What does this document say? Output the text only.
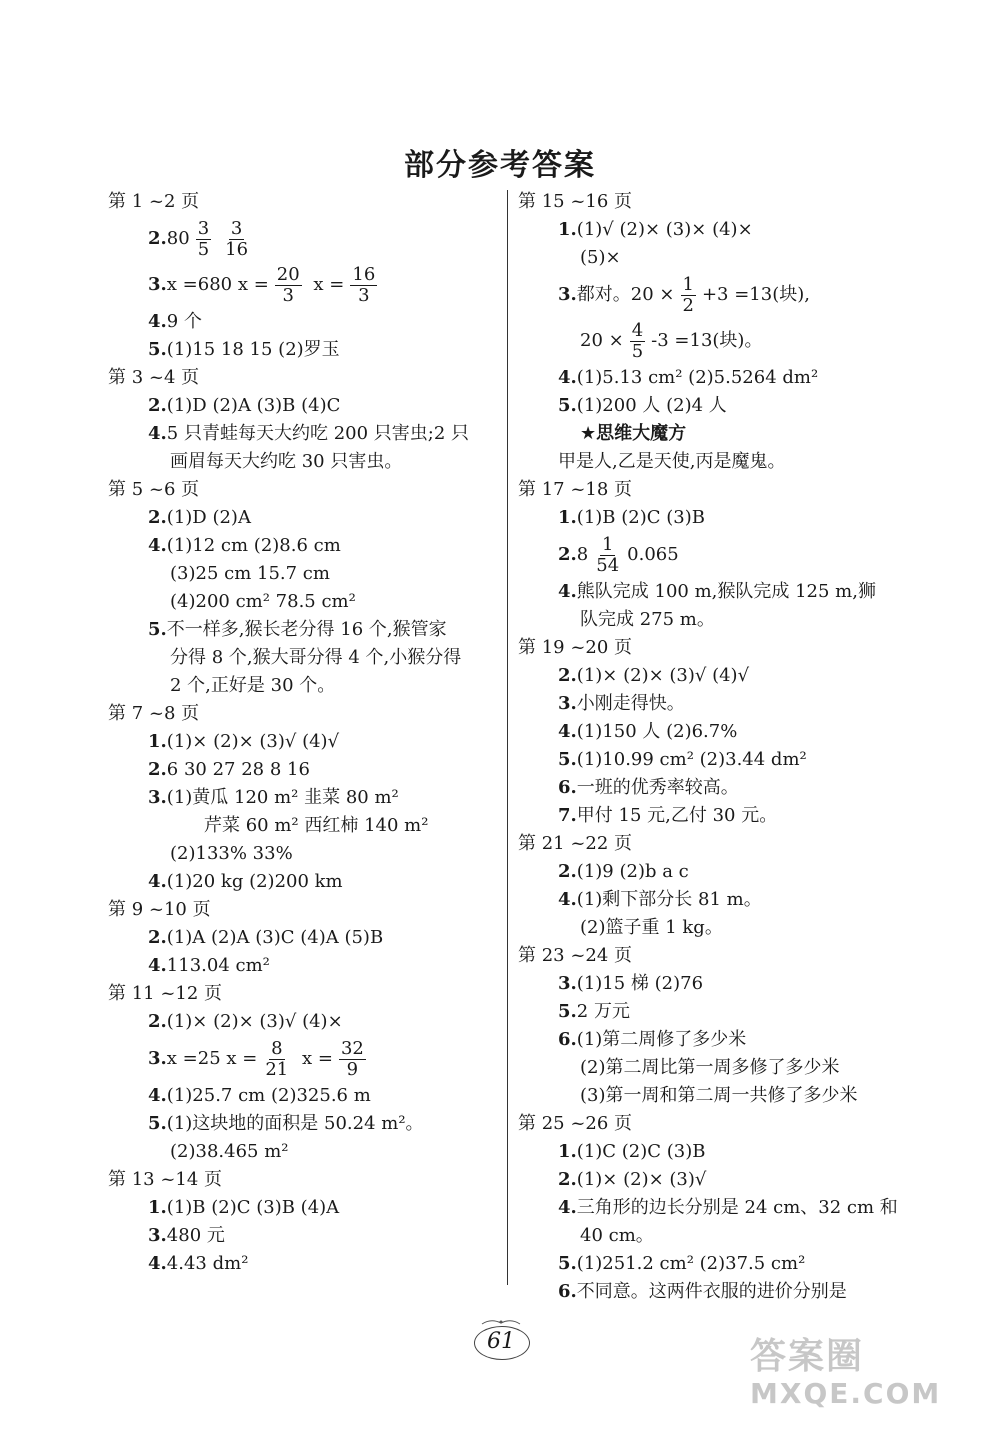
部分参考答案
第 1 ~2 页
$2.80 \frac{3}{5} \frac{3}{16}$
3.x =680 $x = \frac{20}{3}$ $x = \frac{16}{3}$
4.9 个
5.(1)15 18 15 (2)罗玉
第 3 ~4 页
2.(1)D (2)A (3)B (4)C
4.5 只青蛙每天大约吃 200 只害虫;2 只
画眉每天大约吃 30 只害虫。
第 5 ~6 页
2.(1)D (2)A
4.(1)12 cm (2)8.6 cm
(3)25 cm 15.7 cm
(4)200 cm² 78.5 cm²
5.不一样多,猴长老分得 16 个,猴管家
分得 8 个,猴大哥分得 4 个,小猴分得
2 个,正好是 30 个。
第 7 ~8 页
1.(1)× (2)× (3)√ (4)√
2.6 30 27 28 8 16
3.(1)黄瓜 120 m² 韭菜 80 m²
芹菜 60 m² 西红柿 140 m²
(2)133% 33%
4.(1)20 kg (2)200 km
第 9 ~10 页
2.(1)A (2)A (3)C (4)A (5)B
4.113.04 cm²
第 11 ~12 页
2.(1)× (2)× (3)√ (4)×
3.x =25 $x = \frac{8}{21}$ $x = \frac{32}{9}$
4.(1)25.7 cm (2)325.6 m
5.(1)这块地的面积是 50.24 m²。
(2)38.465 m²
第 13 ~14 页
1.(1)B (2)C (3)B (4)A
3.480 元
4.4.43 dm²
第 15 ~16 页
1.(1)√ (2)× (3)× (4)×
(5)×
3.都对。$20 \times \frac{1}{2} +3 =13$(块),
$20 \times \frac{4}{5} -3 =13$(块)。
4.(1)5.13 cm² (2)5.5264 dm²
5.(1)200 人 (2)4 人
★思维大魔方
甲是人,乙是天使,丙是魔鬼。
第 17 ~18 页
1.(1)B (2)C (3)B
$2.8 \frac{1}{54} 0.065$
4.熊队完成 100 m,猴队完成 125 m,狮
队完成 275 m。
第 19 ~20 页
2.(1)× (2)× (3)√ (4)√
3.小刚走得快。
4.(1)150 人 (2)6.7%
5.(1)10.99 cm² (2)3.44 dm²
6.一班的优秀率较高。
7.甲付 15 元,乙付 30 元。
第 21 ~22 页
2.(1)9 (2)b a c
4.(1)剩下部分长 81 m。
(2)篮子重 1 kg。
第 23 ~24 页
3.(1)15 梯 (2)76
5.2 万元
6.(1)第二周修了多少米
(2)第二周比第一周多修了多少米
(3)第一周和第二周一共修了多少米
第 25 ~26 页
1.(1)C (2)C (3)B
2.(1)× (2)× (3)√
4.三角形的边长分别是 24 cm、32 cm 和
40 cm。
5.(1)251.2 cm² (2)37.5 cm²
6.不同意。这两件衣服的进价分别是
61	答案圈
MXQE.COM
